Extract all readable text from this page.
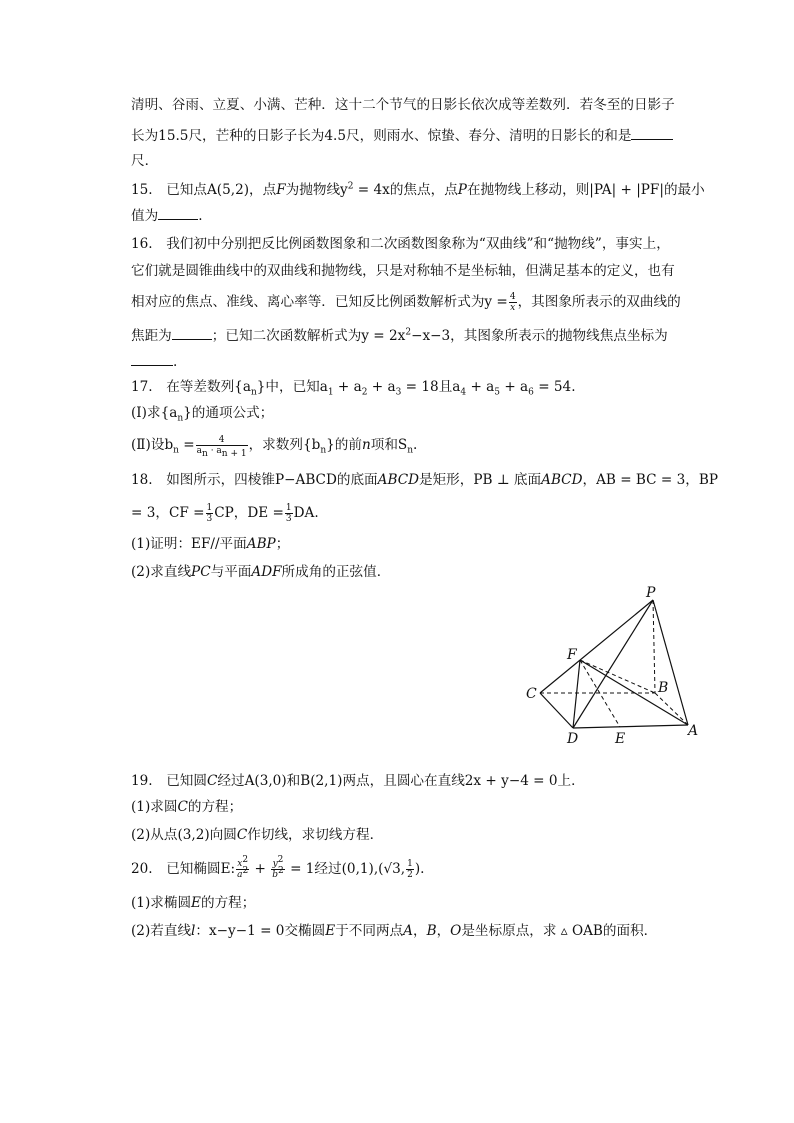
清明、谷雨、立夏、小满、芒种．这十二个节气的日影长依次成等差数列．若冬至的日影子
长为15.5尺，芒种的日影子长为4.5尺，则雨水、惊蛰、春分、清明的日影长的和是
尺．
15.　已知点A(5,2)，点F为抛物线$y^2 = 4x$的焦点，点P在抛物线上移动，则|PA| + |PF|的最小
值为	.
16.　我们初中分别把反比例函数图象和二次函数图象称为“双曲线”和“抛物线”，事实上，
它们就是圆锥曲线中的双曲线和抛物线，只是对称轴不是坐标轴，但满足基本的定义，也有
相对应的焦点、准线、离心率等．已知反比例函数解析式为$y = \frac{4}{x}$ ，其图象所表示的双曲线的
焦距为	；已知二次函数解析式为$y = 2x^2-x-3$，其图象所表示的抛物线焦点坐标为
.
17.　在等差数列$\{a_n\}$中，已知$a_1 + a_2 + a_3 = 18$且$a_4 + a_5 + a_6 = 54$.
(Ⅰ)求$\{a_n\}$的通项公式；
(Ⅱ)设$b_n = \frac{4}{a_n \cdot a_{n + 1}}$ ，求数列$\{b_n\}$的前n项和$S_n$.
18.　如图所示，四棱锥P−ABCD的底面ABCD是矩形，PB ⊥ 底面ABCD，AB = BC = 3，BP
= 3，CF = $\frac{1}{3}$ CP，DE = $\frac{1}{3}$ DA.
(1)证明：EF//平面ABP；
(2)求直线PC与平面ADF所成角的正弦值．
P
F
C	B
D	E	A
19.　已知圆C经过A(3,0)和B(2,1)两点，且圆心在直线2x + y−4 = 0上．
(1)求圆C的方程；
(2)从点(3,2)向圆C作切线，求切线方程．
20.　已知椭圆E: $\frac{x^2}{a^2} + \frac{y^2}{b^2} = 1$经过(0,1),(√3, $\frac{1}{2}$ ).
(1)求椭圆E的方程；
(2)若直线l：x−y−1 = 0交椭圆E于不同两点A，B，O是坐标原点，求 ▵ OAB的面积．
